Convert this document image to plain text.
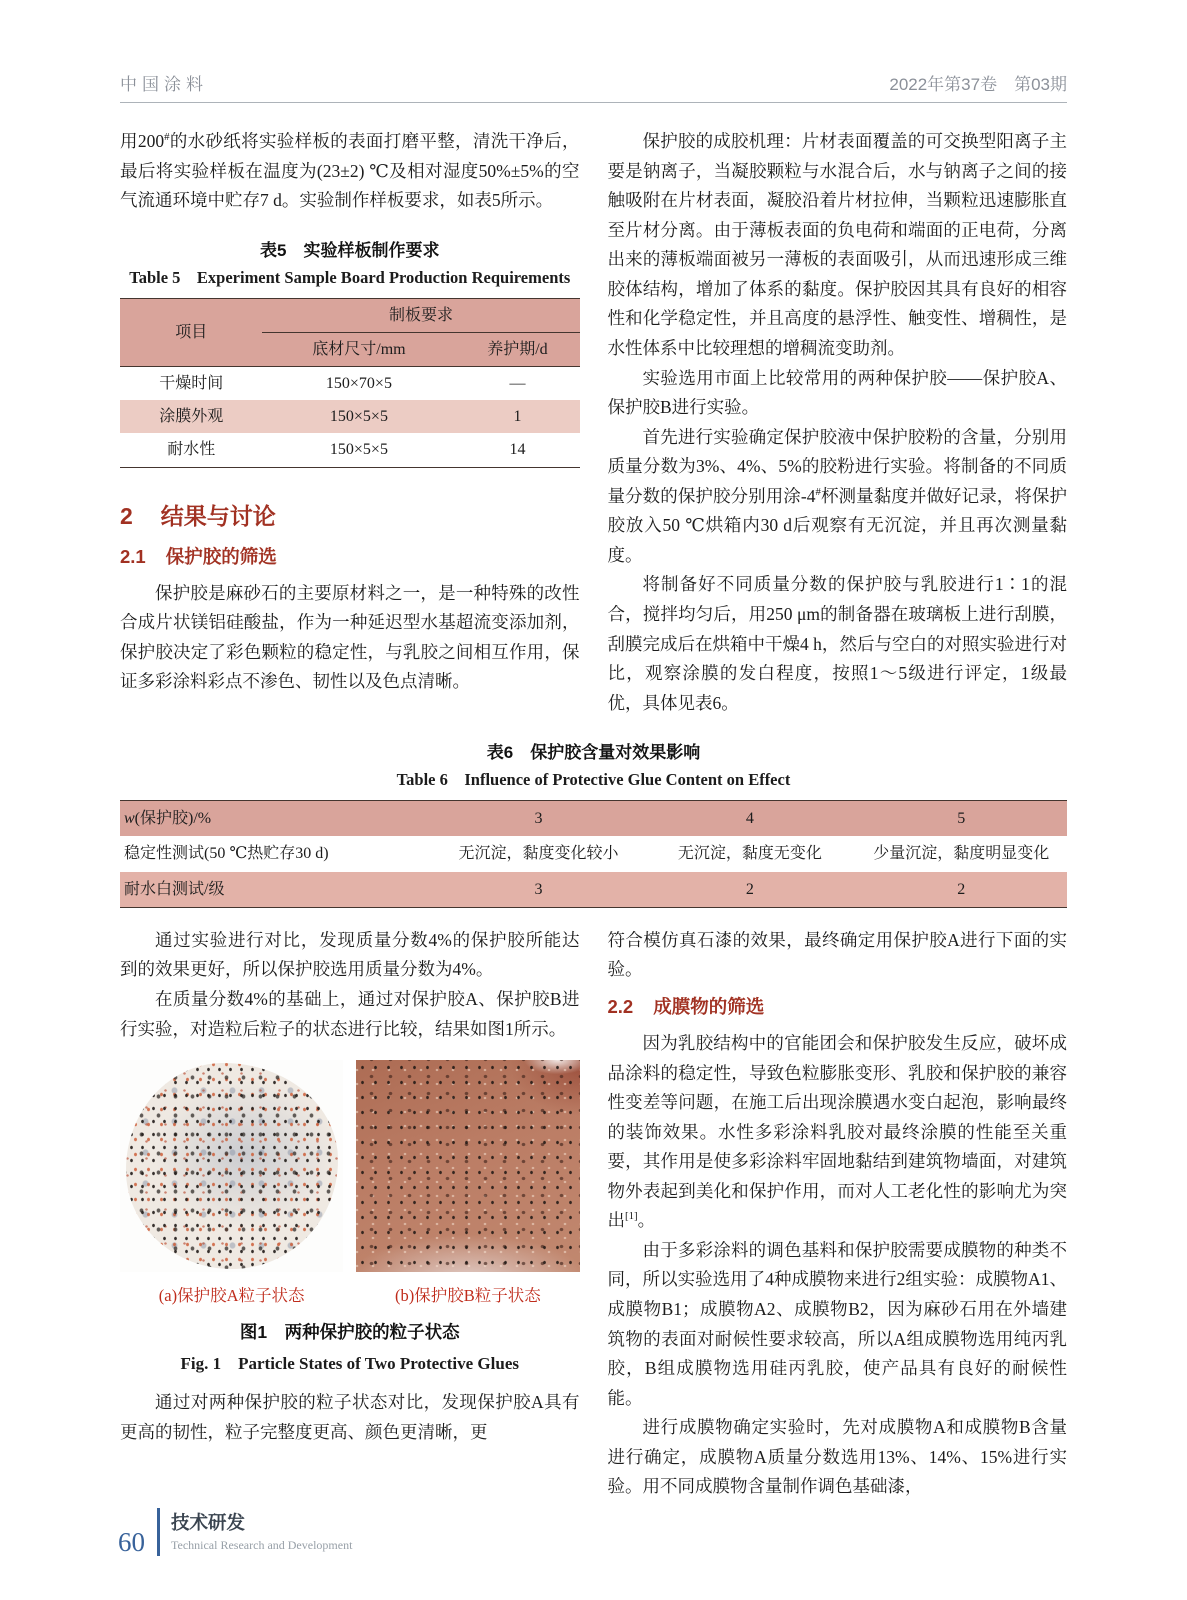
中国涂料	2022年第37卷　第03期

用200#的水砂纸将实验样板的表面打磨平整，清洗干净后，最后将实验样板在温度为(23±2) ℃及相对湿度50%±5%的空气流通环境中贮存7 d。实验制作样板要求，如表5所示。

表5　实验样板制作要求
Table 5　Experiment Sample Board Production Requirements
项目	制板要求	
	底材尺寸/mm	养护期/d
干燥时间	150×70×5	—
涂膜外观	150×5×5	1
耐水性	150×5×5	14
2 结果与讨论
2.1 保护胶的筛选

保护胶是麻砂石的主要原材料之一，是一种特殊的改性合成片状镁铝硅酸盐，作为一种延迟型水基超流变添加剂，保护胶决定了彩色颗粒的稳定性，与乳胶之间相互作用，保证多彩涂料彩点不渗色、韧性以及色点清晰。

保护胶的成胶机理：片材表面覆盖的可交换型阳离子主要是钠离子，当凝胶颗粒与水混合后，水与钠离子之间的接触吸附在片材表面，凝胶沿着片材拉伸，当颗粒迅速膨胀直至片材分离。由于薄板表面的负电荷和端面的正电荷，分离出来的薄板端面被另一薄板的表面吸引，从而迅速形成三维胶体结构，增加了体系的黏度。保护胶因其具有良好的相容性和化学稳定性，并且高度的悬浮性、触变性、增稠性，是水性体系中比较理想的增稠流变助剂。

实验选用市面上比较常用的两种保护胶——保护胶A、保护胶B进行实验。

首先进行实验确定保护胶液中保护胶粉的含量，分别用质量分数为3%、4%、5%的胶粉进行实验。将制备的不同质量分数的保护胶分别用涂-4#杯测量黏度并做好记录，将保护胶放入50 ℃烘箱内30 d后观察有无沉淀，并且再次测量黏度。

将制备好不同质量分数的保护胶与乳胶进行1∶1的混合，搅拌均匀后，用250 μm的制备器在玻璃板上进行刮膜，刮膜完成后在烘箱中干燥4 h，然后与空白的对照实验进行对比，观察涂膜的发白程度，按照1～5级进行评定，1级最优，具体见表6。

表6　保护胶含量对效果影响
Table 6　Influence of Protective Glue Content on Effect
w(保护胶)/%	3	4	5
稳定性测试(50 ℃热贮存30 d)	无沉淀，黏度变化较小	无沉淀，黏度无变化	少量沉淀，黏度明显变化
耐水白测试/级	3	2	2

通过实验进行对比，发现质量分数4%的保护胶所能达到的效果更好，所以保护胶选用质量分数为4%。

在质量分数4%的基础上，通过对保护胶A、保护胶B进行实验，对造粒后粒子的状态进行比较，结果如图1所示。

(a)保护胶A粒子状态	(b)保护胶B粒子状态
图1　两种保护胶的粒子状态
Fig. 1　Particle States of Two Protective Glues

通过对两种保护胶的粒子状态对比，发现保护胶A具有更高的韧性，粒子完整度更高、颜色更清晰，更

符合模仿真石漆的效果，最终确定用保护胶A进行下面的实验。

2.2 成膜物的筛选

因为乳胶结构中的官能团会和保护胶发生反应，破坏成品涂料的稳定性，导致色粒膨胀变形、乳胶和保护胶的兼容性变差等问题，在施工后出现涂膜遇水变白起泡，影响最终的装饰效果。水性多彩涂料乳胶对最终涂膜的性能至关重要，其作用是使多彩涂料牢固地黏结到建筑物墙面，对建筑物外表起到美化和保护作用，而对人工老化性的影响尤为突出[1]。

由于多彩涂料的调色基料和保护胶需要成膜物的种类不同，所以实验选用了4种成膜物来进行2组实验：成膜物A1、成膜物B1；成膜物A2、成膜物B2，因为麻砂石用在外墙建筑物的表面对耐候性要求较高，所以A组成膜物选用纯丙乳胶，B组成膜物选用硅丙乳胶，使产品具有良好的耐候性能。

进行成膜物确定实验时，先对成膜物A和成膜物B含量进行确定，成膜物A质量分数选用13%、14%、15%进行实验。用不同成膜物含量制作调色基础漆，

60
技术研发
Technical Research and Development
